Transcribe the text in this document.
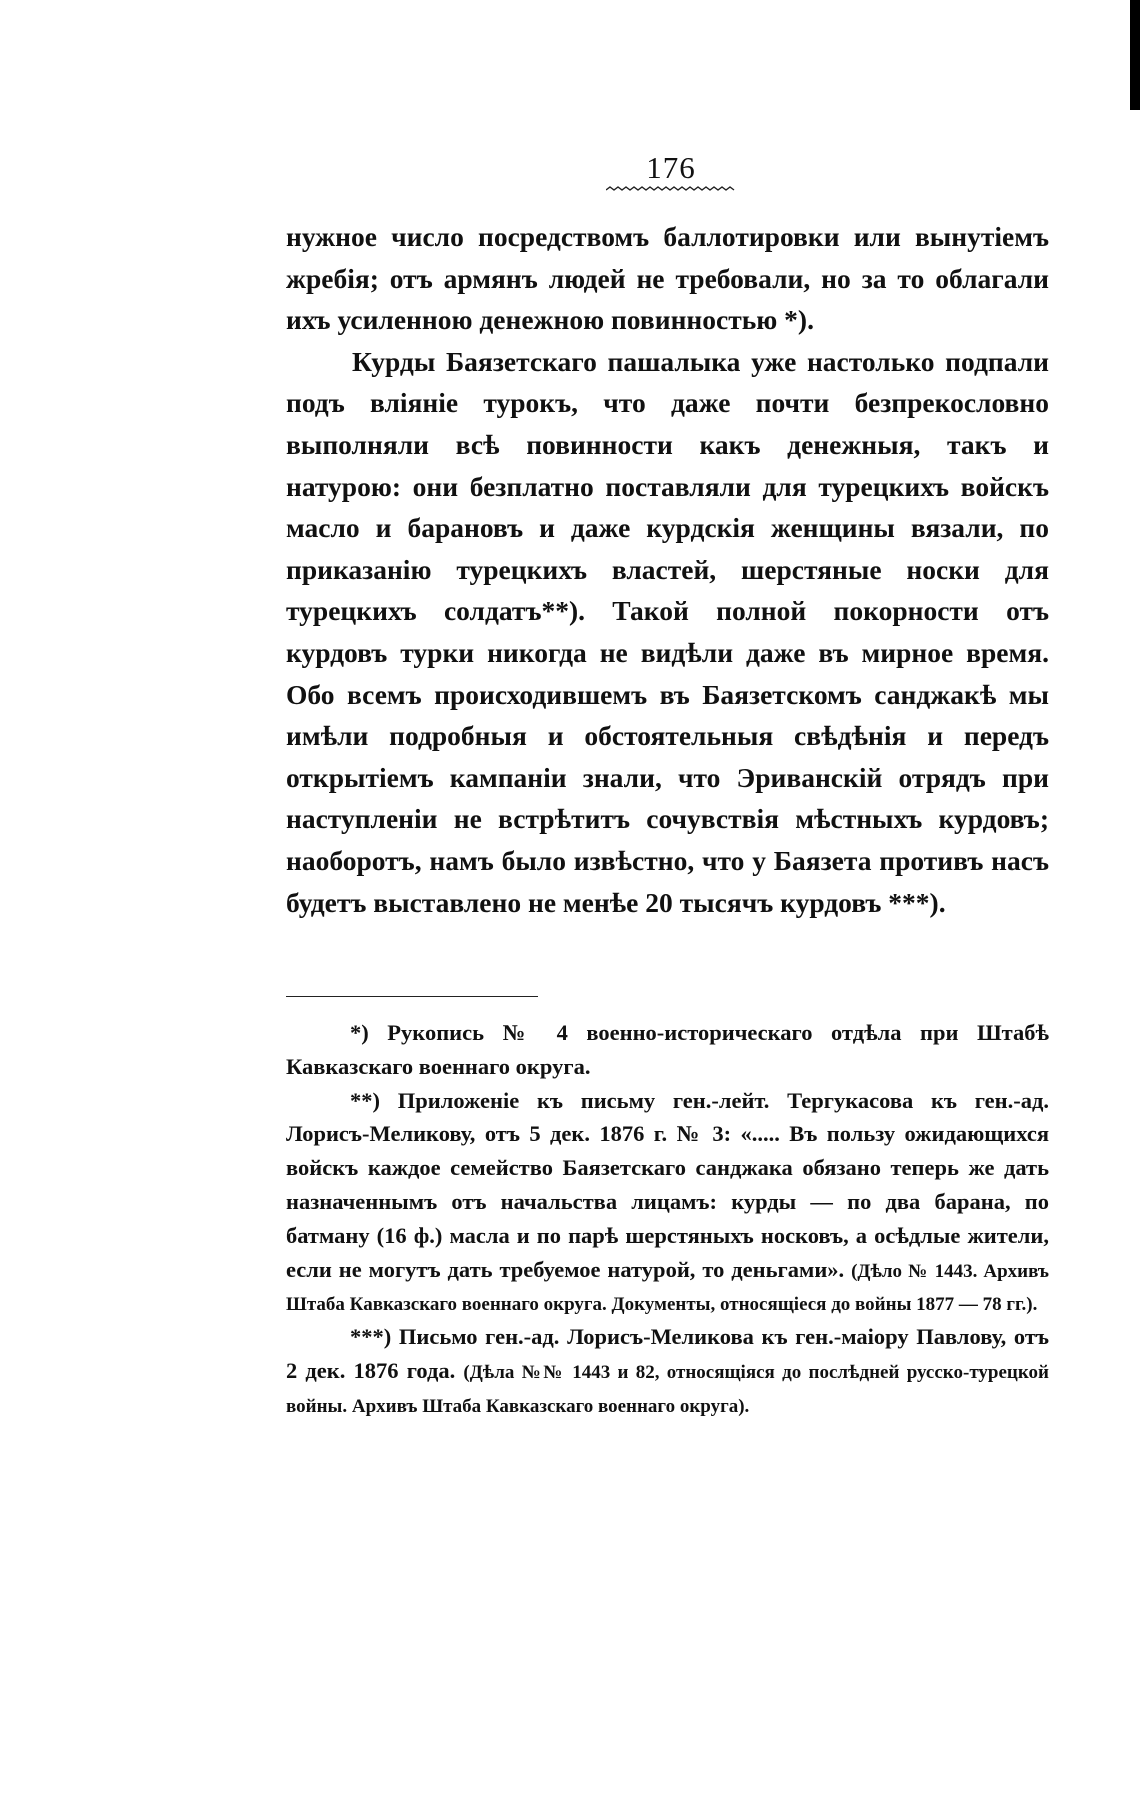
176

нужное число посредствомъ баллотировки или вынутіемъ жребія; отъ армянъ людей не требовали, но за то облагали ихъ усиленною денежною повинностью *).

Курды Баязетскаго пашалыка уже настолько подпали подъ вліяніе турокъ, что даже почти безпрекословно выполняли всѣ повинности какъ денежныя, такъ и натурою: они безплатно поставляли для турецкихъ войскъ масло и барановъ и даже курдскія женщины вязали, по приказанію турецкихъ властей, шерстяные носки для турецкихъ солдатъ**). Такой полной покорности отъ курдовъ турки никогда не видѣли даже въ мирное время. Обо всемъ происходившемъ въ Баязетскомъ санджакѣ мы имѣли подробныя и обстоятельныя свѣдѣнія и передъ открытіемъ кампаніи знали, что Эриванскій отрядъ при наступленіи не встрѣтитъ сочувствія мѣстныхъ курдовъ; наоборотъ, намъ было извѣстно, что у Баязета противъ насъ будетъ выставлено не менѣе 20 тысячъ курдовъ ***).

*) Рукопись № 4 военно-историческаго отдѣла при Штабѣ Кавказскаго военнаго округа.

**) Приложеніе къ письму ген.-лейт. Тергукасова къ ген.-ад. Лорисъ-Меликову, отъ 5 дек. 1876 г. № 3: «..... Въ пользу ожидающихся войскъ каждое семейство Баязетскаго санджака обязано теперь же дать назначеннымъ отъ начальства лицамъ: курды — по два барана, по батману (16 ф.) масла и по парѣ шерстяныхъ носковъ, а осѣдлые жители, если не могутъ дать требуемое натурой, то деньгами». (Дѣло № 1443. Архивъ Штаба Кавказскаго военнаго округа. Документы, относящіеся до войны 1877 — 78 гг.).

***) Письмо ген.-ад. Лорисъ-Меликова къ ген.-маіору Павлову, отъ 2 дек. 1876 года. (Дѣла №№ 1443 и 82, относящіяся до послѣдней русско-турецкой войны. Архивъ Штаба Кавказскаго военнаго округа).
